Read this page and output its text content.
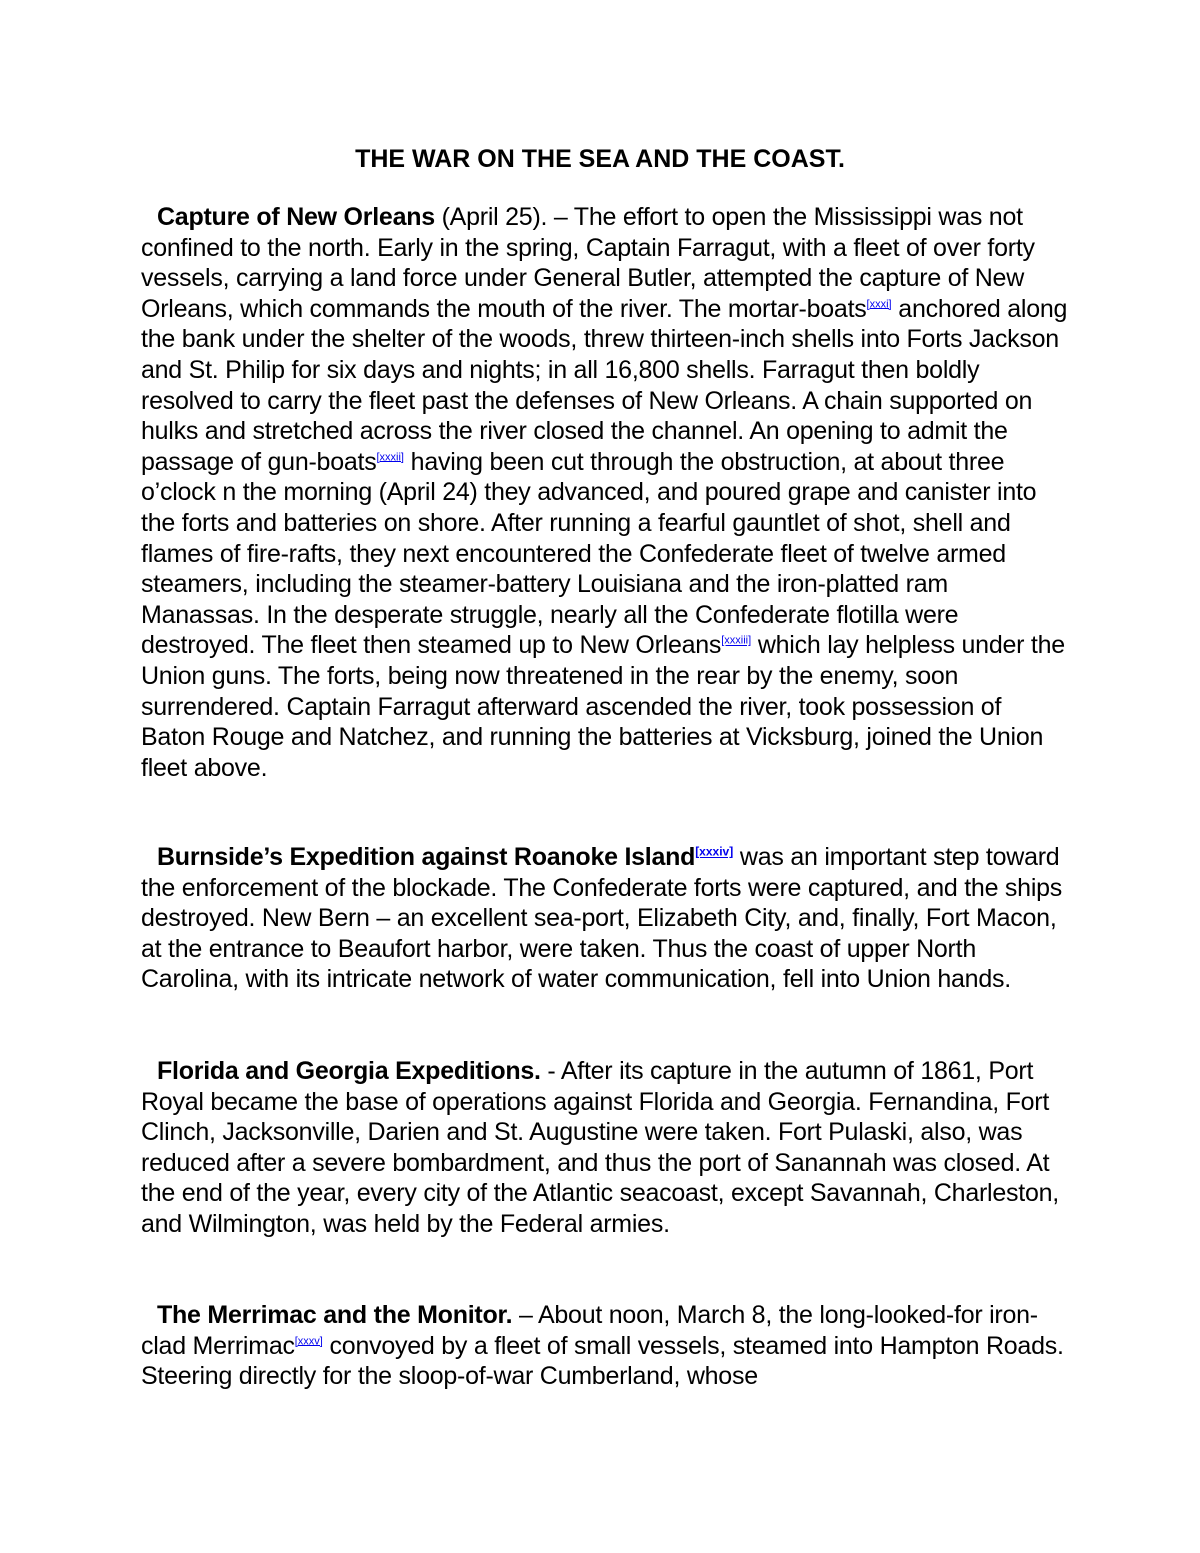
THE WAR ON THE SEA AND THE COAST.

Capture of New Orleans (April 25). – The effort to open the Mississippi was not confined to the north. Early in the spring, Captain Farragut, with a fleet of over forty vessels, carrying a land force under General Butler, attempted the capture of New Orleans, which commands the mouth of the river. The mortar-boats[xxxi] anchored along the bank under the shelter of the woods, threw thirteen-inch shells into Forts Jackson and St. Philip for six days and nights; in all 16,800 shells. Farragut then boldly resolved to carry the fleet past the defenses of New Orleans. A chain supported on hulks and stretched across the river closed the channel. An opening to admit the passage of gun-boats[xxxii] having been cut through the obstruction, at about three o’clock n the morning (April 24) they advanced, and poured grape and canister into the forts and batteries on shore. After running a fearful gauntlet of shot, shell and flames of fire-rafts, they next encountered the Confederate fleet of twelve armed steamers, including the steamer-battery Louisiana and the iron-platted ram Manassas. In the desperate struggle, nearly all the Confederate flotilla were destroyed. The fleet then steamed up to New Orleans[xxxiii] which lay helpless under the Union guns. The forts, being now threatened in the rear by the enemy, soon surrendered. Captain Farragut afterward ascended the river, took possession of Baton Rouge and Natchez, and running the batteries at Vicksburg, joined the Union fleet above.

Burnside’s Expedition against Roanoke Island[xxxiv] was an important step toward the enforcement of the blockade. The Confederate forts were captured, and the ships destroyed. New Bern – an excellent sea-port, Elizabeth City, and, finally, Fort Macon, at the entrance to Beaufort harbor, were taken. Thus the coast of upper North Carolina, with its intricate network of water communication, fell into Union hands.

Florida and Georgia Expeditions. - After its capture in the autumn of 1861, Port Royal became the base of operations against Florida and Georgia. Fernandina, Fort Clinch, Jacksonville, Darien and St. Augustine were taken. Fort Pulaski, also, was reduced after a severe bombardment, and thus the port of Sanannah was closed. At the end of the year, every city of the Atlantic seacoast, except Savannah, Charleston, and Wilmington, was held by the Federal armies.

The Merrimac and the Monitor. – About noon, March 8, the long-looked-for iron-clad Merrimac[xxxv] convoyed by a fleet of small vessels, steamed into Hampton Roads. Steering directly for the sloop-of-war Cumberland, whose
